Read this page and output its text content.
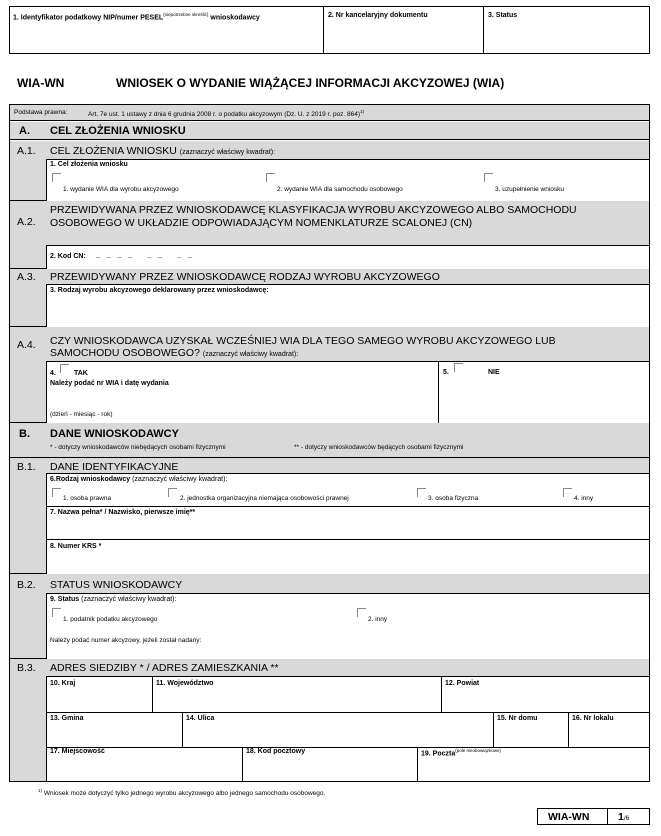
1. Identyfikator podatkowy NIP/numer $PESEL^{(niepotrzebne skreślić)}$ wnioskodawcy	2. Nr kancelaryjny dokumentu	3. Status
WIA-WN	WNIOSEK O WYDANIE WIĄŻĄCEJ INFORMACJI AKCYZOWEJ (WIA)
Podstawa prawna:	Art. 7e ust. 1 ustawy z dnia 6 grudnia 2008 r. o podatku akcyzowym (Dz. U. z 2019 r. poz. 864)$^{1)}$
A. CEL ZŁOŻENIA WNIOSKU
A.1. CEL ZŁOŻENIA WNIOSKU (zaznaczyć właściwy kwadrat):
1. Cel złożenia wniosku
1. wydanie WIA dla wyrobu akcyzowego	2. wydanie WIA dla samochodu osobowego	3. uzupełnienie wniosku
A.2.
PRZEWIDYWANA PRZEZ WNIOSKODAWCĘ KLASYFIKACJA WYROBU AKCYZOWEGO ALBO SAMOCHODU
OSOBOWEGO W UKŁADZIE ODPOWIADAJĄCYM NOMENKLATURZE SCALONEJ (CN)
2. Kod CN: _ _ _ _   _ _   _ _
A.3. PRZEWIDYWANY PRZEZ WNIOSKODAWCĘ RODZAJ WYROBU AKCYZOWEGO
3. Rodzaj wyrobu akcyzowego deklarowany przez wnioskodawcę:
A.4. CZY WNIOSKODAWCA UZYSKAŁ WCZEŚNIEJ WIA DLA TEGO SAMEGO WYROBU AKCYZOWEGO LUB
SAMOCHODU OSOBOWEGO? (zaznaczyć właściwy kwadrat):
4.	TAK
Należy podać nr WIA i datę wydania
(dzień - miesiąc - rok)
5.	NIE
B. DANE WNIOSKODAWCY
* - dotyczy wnioskodawców niebędących osobami fizycznymi	** - dotyczy wnioskodawców będących osobami fizycznymi
B.1. DANE IDENTYFIKACYJNE
6.Rodzaj wnioskodawcy (zaznaczyć właściwy kwadrat):
1. osoba prawna	2. jednostka organizacyjna niemająca osobowości prawnej	3. osoba fizyczna	4. inny
7. Nazwa pełna* / Nazwisko, pierwsze imię**
8. Numer KRS *
B.2. STATUS WNIOSKODAWCY
9. Status (zaznaczyć właściwy kwadrat):
1. podatnik podatku akcyzowego	2. inny
Należy podać numer akcyzowy, jeżeli został nadany:
B.3. ADRES SIEDZIBY * / ADRES ZAMIESZKANIA **
10. Kraj	11. Województwo	12. Powiat
13. Gmina	14. Ulica	15. Nr domu	16. Nr lokalu
17. Miejscowość	18. Kod pocztowy	19. Poczta$^{(pole nieobowiązkowe)}$
$^{1)}$ Wniosek może dotyczyć tylko jednego wyrobu akcyzowego albo jednego samochodu osobowego.
WIA-WN	1/6
